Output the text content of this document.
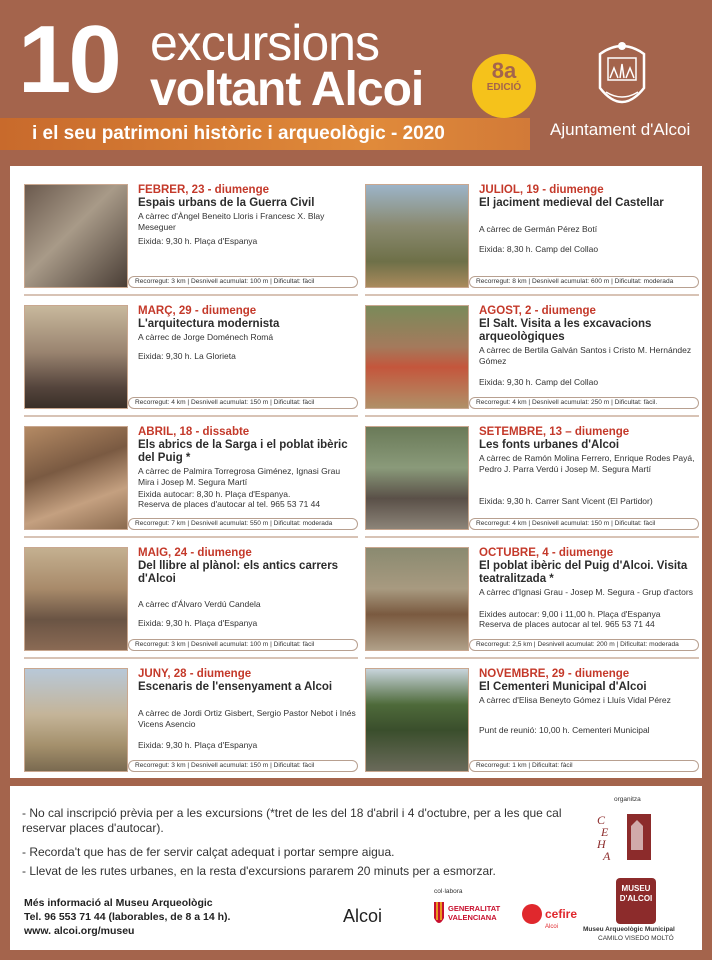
10 excursions
voltant Alcoi	8a
EDICIÓ
i el seu patrimoni històric i arqueològic - 2020	Ajuntament d'Alcoi
FEBRER, 23 - diumenge
Espais urbans de la Guerra Civil
A càrrec d'Àngel Beneito Lloris i Francesc X. Blay Meseguer
Eixida: 9,30 h. Plaça d'Espanya
Recorregut: 3 km | Desnivell acumulat: 100 m | Dificultat: fàcil
JULIOL, 19 - diumenge
El jaciment medieval del Castellar
A càrrec de Germán Pérez Botí
Eixida: 8,30 h. Camp del Collao
Recorregut: 8 km | Desnivell acumulat: 600 m | Dificultat: moderada
MARÇ, 29 - diumenge
L'arquitectura modernista
A càrrec de Jorge Doménech Romá
Eixida: 9,30 h. La Glorieta
Recorregut: 4 km | Desnivell acumulat: 150 m | Dificultat: fàcil
AGOST, 2 - diumenge
El Salt. Visita a les excavacions arqueològiques
A càrrec de Bertila Galván Santos i Cristo M. Hernández Gómez
Eixida: 9,30 h. Camp del Collao
Recorregut: 4 km | Desnivell acumulat: 250 m | Dificultat: fàcil.
ABRIL, 18 - dissabte
Els abrics de la Sarga i el poblat ibèric del Puig *
A càrrec de Palmira Torregrosa Giménez, Ignasi Grau Mira i Josep M. Segura Martí
Eixida autocar: 8,30 h. Plaça d'Espanya.
Reserva de places d'autocar al tel. 965 53 71 44
Recorregut: 7 km | Desnivell acumulat: 550 m | Dificultat: moderada
SETEMBRE, 13 – diumenge
Les fonts urbanes d'Alcoi
A càrrec de Ramón Molina Ferrero, Enrique Rodes Payá, Pedro J. Parra Verdú i Josep M. Segura Martí
Eixida: 9,30 h. Carrer Sant Vicent (El Partidor)
Recorregut: 4 km | Desnivell acumulat: 150 m | Dificultat: fàcil
MAIG, 24 - diumenge
Del llibre al plànol: els antics carrers d'Alcoi
A càrrec d'Álvaro Verdú Candela
Eixida: 9,30 h. Plaça d'Espanya
Recorregut: 3 km | Desnivell acumulat: 100 m | Dificultat: fàcil
OCTUBRE, 4 - diumenge
El poblat ibèric del Puig d'Alcoi. Visita teatralitzada *
A càrrec d'Ignasi Grau - Josep M. Segura - Grup d'actors
Eixides autocar: 9,00 i 11,00 h. Plaça d'Espanya
Reserva de places autocar al tel. 965 53 71 44
Recorregut: 2,5 km | Desnivell acumulat: 200 m | Dificultat: moderada
JUNY, 28 - diumenge
Escenaris de l'ensenyament a Alcoi
A càrrec de Jordi Ortiz Gisbert, Sergio Pastor Nebot i Inés Vicens Asencio
Eixida: 9,30 h. Plaça d'Espanya
Recorregut: 3 km | Desnivell acumulat: 150 m | Dificultat: fàcil
NOVEMBRE, 29 - diumenge
El Cementeri Municipal d'Alcoi
A càrrec d'Elisa Beneyto Gómez i Lluís Vidal Pérez
Punt de reunió: 10,00 h. Cementeri Municipal
Recorregut: 1 km | Dificultat: fàcil
- No cal inscripció prèvia per a les excursions (*tret de les del 18 d'abril i 4 d'octubre, per a les que cal reservar places d'autocar).
- Recorda't que has de fer servir calçat adequat i portar sempre aigua.
- Llevat de les rutes urbanes, en la resta d'excursions pararem 20 minuts per a esmorzar.
Més informació al Museu Arqueològic
Tel. 96 553 71 44 (laborables, de 8 a 14 h).
www. alcoi.org/museu
organitza
C
E
H
A
col·labora
Alcoi	GENERALITAT
VALENCIANA	cefire
Alcoi
MUSEU D'ALCOI
Museu Arqueològic Municipal
CAMILO VISEDO MOLTÓ
